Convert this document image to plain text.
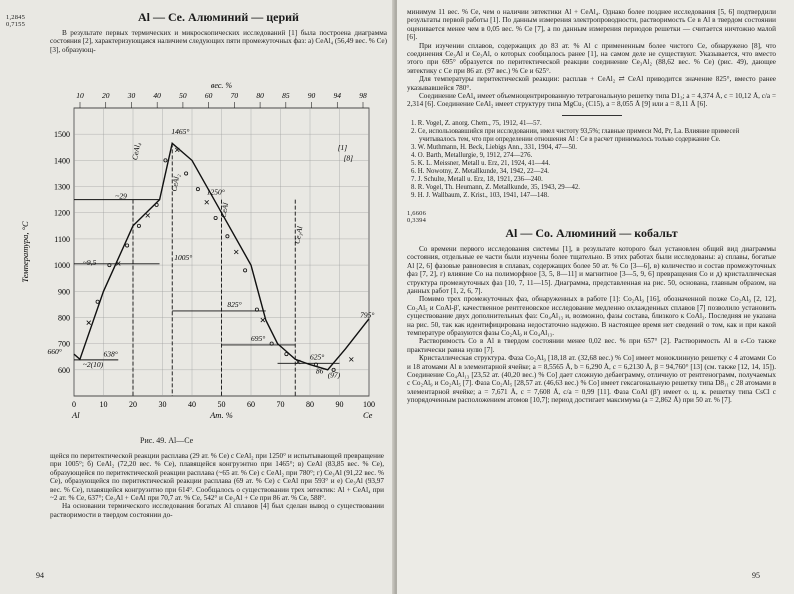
1,2845
0,7155
Al — Ce. Алюминий — церий

В результате первых термических и микроскопических исследований [1] была построена диаграмма состояния [2], характеризующаяся наличием следующих пяти промежуточных фаз: а) CeAl₄ (56,49 вес. % Ce) [3], образующ-

0	10	20	30	40	50	60	70	80	90 100
600
700
800
900
1000
1100
1200
1300
1400
1500
10 20 30 40 50 60 70 80 85 90 94 98
вес. %
Ат. %
Температура, °C
Al	Ce
CeAl₄
CeAl₂
CeAl
Ce₃Al
[1]
[8]
1465°
1250°
1005°
825°
695°
625°
638°
~29
~9,5
~2(10)
86 (97)
660°
795°
Рис. 49. Al—Ce

щейся по перитектической реакции расплава (29 ат. % Ce) с CeAl₂ при 1250° и испытывающей превращение при 1005°; б) CeAl₂ (72,20 вес. % Ce), плавящейся конгруэнтно при 1465°; в) CeAl (83,85 вес. % Ce), образующейся по перитектической реакции расплава (~65 ат. % Ce) с CeAl₂ при 780°; г) Ce₃Al (91,22 вес. % Ce), образующейся по перитектической реакции расплава (69 ат. % Ce) с CeAl при 593° и е) Ce₃Al (93,97 вес. % Ce), плавящейся конгруэнтно при 614°. Сообщалось о существовании трех эвтектик: Al + CeAl₄ при ~2 ат. % Ce, 637°; Ce₃Al + CeAl при 70,7 ат. % Ce, 542° и Ce₃Al + Ce при 86 ат. % Ce, 588°.

На основании термического исследования богатых Al сплавов [4] был сделан вывод о существовании растворимости в твердом состоянии до-

94

минимум 11 вес. % Ce, чем о наличии эвтектики Al + CeAl₄. Однако более позднее исследования [5, 6] подтвердили результаты первой работы [1]. По данным измерения электропроводности, растворимость Ce в Al в твердом состоянии оценивается менее чем в 0,05 вес. % Ce [7], а по данным измерения периодов решетки — считается ничтожно малой [6].

При изучении сплавов, содержащих до 83 ат. % Al с примененным более чистого Ce, обнаружено [8], что соединения Ce₃Al и Ce₃Al, о которых сообщалось ранее [1], на самом деле не существуют. Указывается, что вместо этого при 695° образуется по перитектической реакции соединение Ce₃Al₂ (88,62 вес. % Ce) (рис. 49), дающее эвтектику с Ce при 86 ат. (97 вес.) % Ce и 625°.

Для температуры перитектической реакции: расплав + CeAl₂ ⇄ CeAl приводится значение 825°, вместо ранее указывавшейся 780°.

Соединение CeAl₄ имеет объемноцентрированную тетрагональную решетку типа D1₃; a = 4,374 Å, c = 10,12 Å, c/a = 2,314 [6]. Соединение CeAl₂ имеет структуру типа MgCu₂ (C15), a = 8,055 Å [9] или a = 8,11 Å [6].

1. R. Vogel, Z. anorg. Chem., 75, 1912, 41—57.
2. Ce, использовавшийся при исследовании, имел чистоту 93,5%; главные примеси Nd, Pr, La. Влияние примесей учитывалось тем, что при определении отношения Al : Ce в расчет принималось только содержание Ce.
3. W. Muthmann, H. Beck, Liebigs Ann., 331, 1904, 47—50.
4. O. Barth, Metallurgie, 9, 1912, 274—276.
5. K. L. Meissner, Metall u. Erz, 21, 1924, 41—44.
6. H. Nowotny, Z. Metallkunde, 34, 1942, 22—24.
7. J. Schulte, Metall u. Erz, 18, 1921, 236—240.
8. R. Vogel, Th. Heumann, Z. Metallkunde, 35, 1943, 29—42.
9. H. J. Wallbaum, Z. Krist., 103, 1941, 147—148.
1,6606
0,3394
Al — Co. Алюминий — кобальт

Со времени первого исследования системы [1], в результате которого был установлен общий вид диаграммы состояния, отдельные ее части были изучены более тщательно. В этих работах были исследованы: а) сплавы, богатые Al [2, 6] фазовые равновесия в сплавах, содержащих более 50 ат. % Co [3—6], в) количество и состав промежуточных фаз [7, 2], г) влияние Co на полиморфное [3, 5, 8—11] и магнитное [3—5, 9, 6] превращения Co и д) кристаллическая структура промежуточных фаз [10, 7, 11—15]. Диаграмма, представленная на рис. 50, основана, главным образом, на данных работ [1, 2, 6, 7].

Помимо трех промежуточных фаз, обнаруженных в работе [1]: Co₂Al₉ [16], обозначенной позже Co₂Al₉ [2, 12], Co₂Al₅ и CoAl-β', качественное рентгеновское исследование медленно охлажденных сплавов [7] позволило установить существование двух дополнительных фаз: Co₄Al₁₃ и, возможно, фазы состава, близкого к CoAl₃. Последняя не указана на рис. 50, так как идентифицирована недостаточно надежно. В настоящее время нет сведений о том, как и при какой температуре образуются фазы Co₂Al₉ и Co₄Al₁₃.

Растворимость Co в Al в твердом состоянии менее 0,02 вес. % при 657° [2]. Растворимость Al в ε-Co также практически равна нулю [7].

Кристаллическая структура. Фаза Co₂Al₉ [18,18 ат. (32,68 вес.) % Co] имеет моноклинную решетку с 4 атомами Co и 18 атомами Al в элементарной ячейке; a = 8,5565 Å, b = 6,290 Å, c = 6,2130 Å, β = 94,760° [13] (см. также [12, 14, 15]). Соединение Co₄Al₁₃ [23,52 ат. (40,20 вес.) % Co] дает сложную дебаеграмму, отличную от рентгенограмм, получаемых с Co₂Al₉ и Co₂Al₅ [7]. Фаза Co₂Al₅ [28,57 ат. (46,63 вес.) % Co] имеет гексагональную решетку типа D8₁₁ с 28 атомами в элементарной ячейке; a = 7,671 Å, c = 7,608 Å, c/a = 0,99 [11]. Фаза CoAl (β') имеет о. ц. к. решетку типа CsCl с упорядоченным расположением атомов [10,7]; период достигает максимума (a = 2,862 Å) при 50 ат. % [7].

95
